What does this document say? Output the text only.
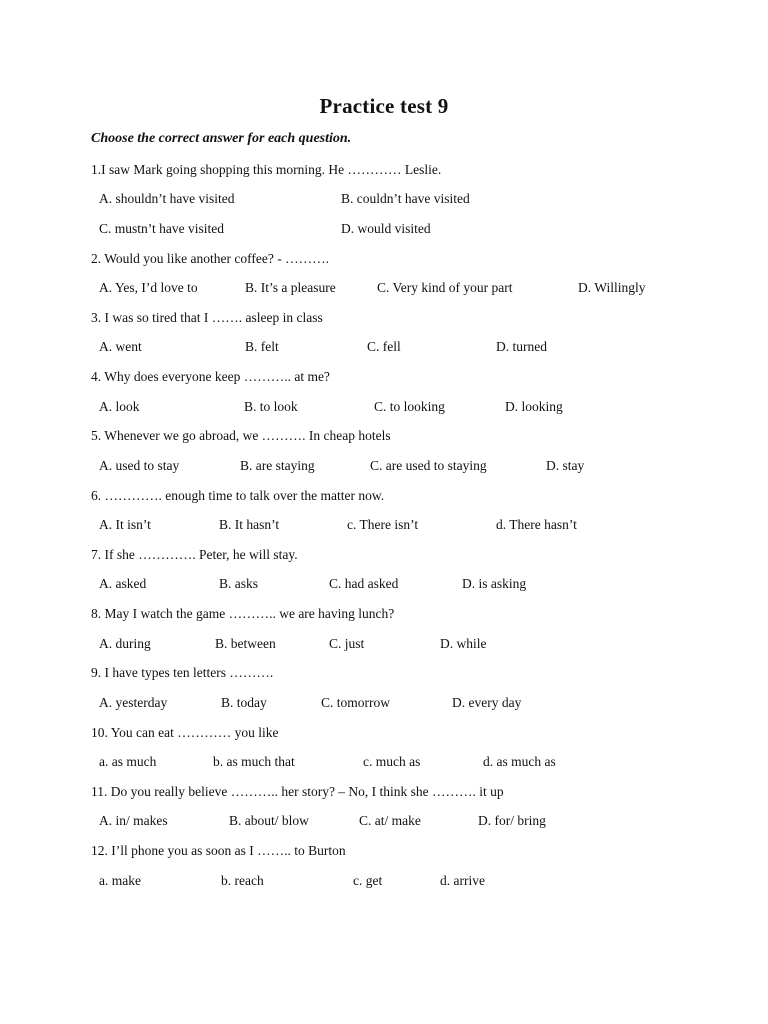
Practice test 9
Choose the correct answer for each question.
1.I saw Mark going shopping this morning. He ………… Leslie.
A. shouldn’t have visited	B. couldn’t have visited
C. mustn’t have visited	D. would visited
2. Would you like another coffee? - ……….
A. Yes, I’d love to	B. It’s a pleasure	C. Very kind of your part	D. Willingly
3. I was so tired that I ……. asleep in class
A. went	B. felt	C. fell	D. turned
4. Why does everyone keep ……….. at me?
A. look	B. to look	C. to looking	D. looking
5. Whenever we go abroad, we ………. In cheap hotels
A. used to stay	B. are staying	C. are used to staying	D. stay
6. …………. enough time to talk over the matter now.
A. It isn’t	B. It hasn’t	c. There isn’t	d. There hasn’t
7. If she …………. Peter, he will stay.
A. asked	B. asks	C. had asked	D. is asking
8. May I watch the game ……….. we are having lunch?
A. during	B. between	C. just	D. while
9. I have types ten letters ……….
A. yesterday	B. today	C. tomorrow	D. every day
10. You can eat ………… you like
a. as much	b. as much that	c. much as	d. as much as
11. Do you really believe ……….. her story? – No, I think she ………. it up
A. in/ makes	B. about/ blow	C. at/ make	D. for/ bring
12. I’ll phone you as soon as I …….. to Burton
a. make	b. reach	c. get	d. arrive
